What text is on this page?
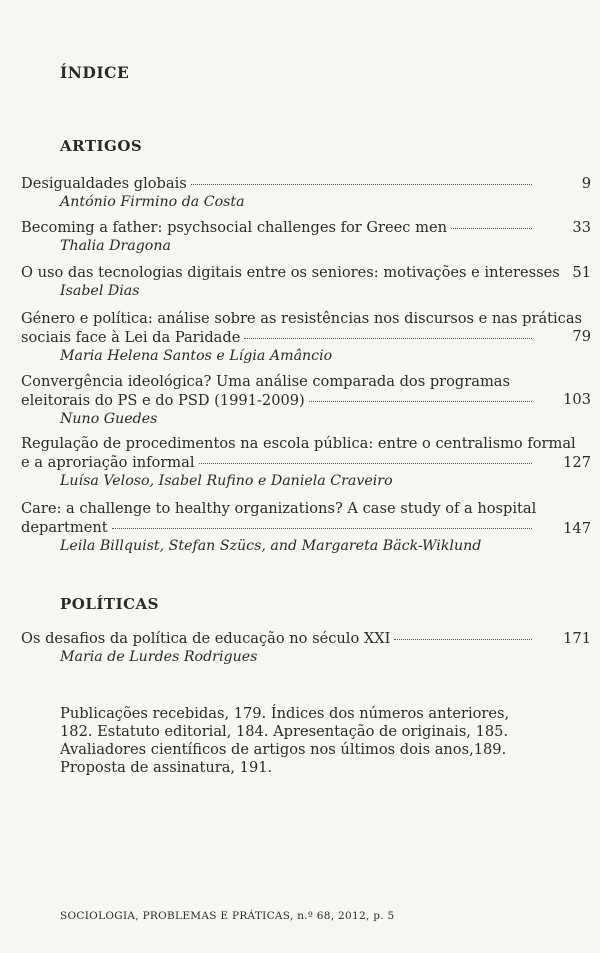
ÍNDICE
ARTIGOS
Desigualdades globais
António Firmino da Costa
9
Becoming a father: psychsocial challenges for Greec men
Thalia Dragona
33
O uso das tecnologias digitais entre os seniores: motivações e interesses
Isabel Dias
51
Género e política: análise sobre as resistências nos discursos e nas práticas
sociais face à Lei da Paridade
Maria Helena Santos e Lígia Amâncio
79
Convergência ideológica? Uma análise comparada dos programas
eleitorais do PS e do PSD (1991-2009)
Nuno Guedes
103
Regulação de procedimentos na escola pública: entre o centralismo formal
e a aproriação informal
Luísa Veloso, Isabel Rufino e Daniela Craveiro
127
Care: a challenge to healthy organizations? A case study of a hospital
department
Leila Billquist, Stefan Szücs, and Margareta Bäck-Wiklund
147
POLÍTICAS
Os desafios da política de educação no século XXI
Maria de Lurdes Rodrigues
171
Publicações recebidas, 179. Índices dos números anteriores, 182. Estatuto editorial, 184. Apresentação de originais, 185. Avaliadores científicos de artigos nos últimos dois anos,189. Proposta de assinatura, 191.
SOCIOLOGIA, PROBLEMAS E PRÁTICAS, n.º 68, 2012, p. 5
